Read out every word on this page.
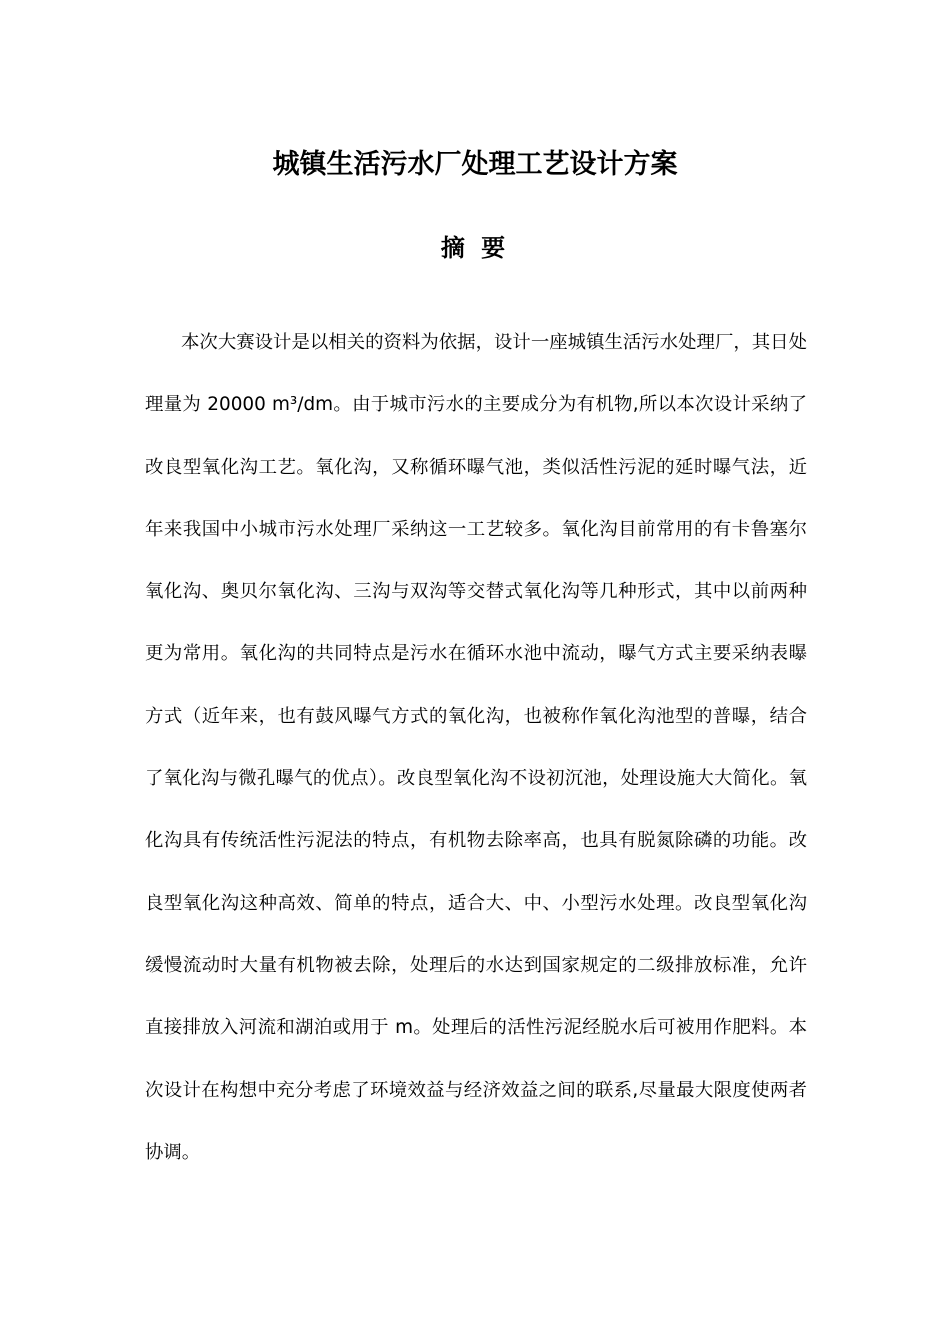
城镇生活污水厂处理工艺设计方案
摘 要

本次大赛设计是以相关的资料为依据，设计一座城镇生活污水处理厂，其日处理量为 20000 m³/dm。由于城市污水的主要成分为有机物,所以本次设计采纳了改良型氧化沟工艺。氧化沟，又称循环曝气池，类似活性污泥的延时曝气法，近年来我国中小城市污水处理厂采纳这一工艺较多。氧化沟目前常用的有卡鲁塞尔氧化沟、奥贝尔氧化沟、三沟与双沟等交替式氧化沟等几种形式，其中以前两种更为常用。氧化沟的共同特点是污水在循环水池中流动，曝气方式主要采纳表曝方式（近年来，也有鼓风曝气方式的氧化沟，也被称作氧化沟池型的普曝，结合了氧化沟与微孔曝气的优点）。改良型氧化沟不设初沉池，处理设施大大简化。氧化沟具有传统活性污泥法的特点，有机物去除率高，也具有脱氮除磷的功能。改良型氧化沟这种高效、简单的特点，适合大、中、小型污水处理。改良型氧化沟缓慢流动时大量有机物被去除，处理后的水达到国家规定的二级排放标准，允许直接排放入河流和湖泊或用于 m。处理后的活性污泥经脱水后可被用作肥料。本次设计在构想中充分考虑了环境效益与经济效益之间的联系,尽量最大限度使两者协调。
